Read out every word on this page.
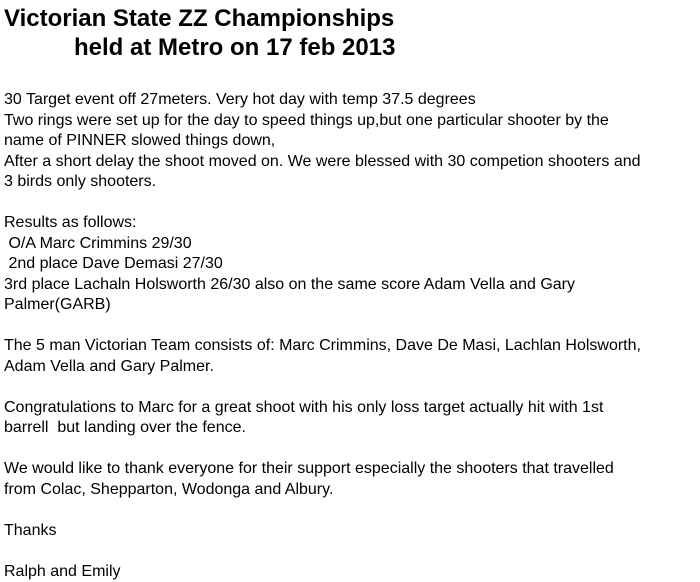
Victorian State ZZ Championships
held at Metro on 17 feb 2013
30 Target event off 27meters. Very hot day with temp 37.5 degrees
Two rings were set up for the day to speed things up,but one particular shooter by the
name of PINNER slowed things down,
After a short delay the shoot moved on. We were blessed with 30 competion shooters and
3 birds only shooters.
Results as follows:
O/A Marc Crimmins 29/30
2nd place Dave Demasi 27/30
3rd place Lachaln Holsworth 26/30 also on the same score Adam Vella and Gary
Palmer(GARB)
The 5 man Victorian Team consists of: Marc Crimmins, Dave De Masi, Lachlan Holsworth,
Adam Vella and Gary Palmer.
Congratulations to Marc for a great shoot with his only loss target actually hit with 1st
barrell  but landing over the fence.
We would like to thank everyone for their support especially the shooters that travelled
from Colac, Shepparton, Wodonga and Albury.
Thanks
Ralph and Emily
